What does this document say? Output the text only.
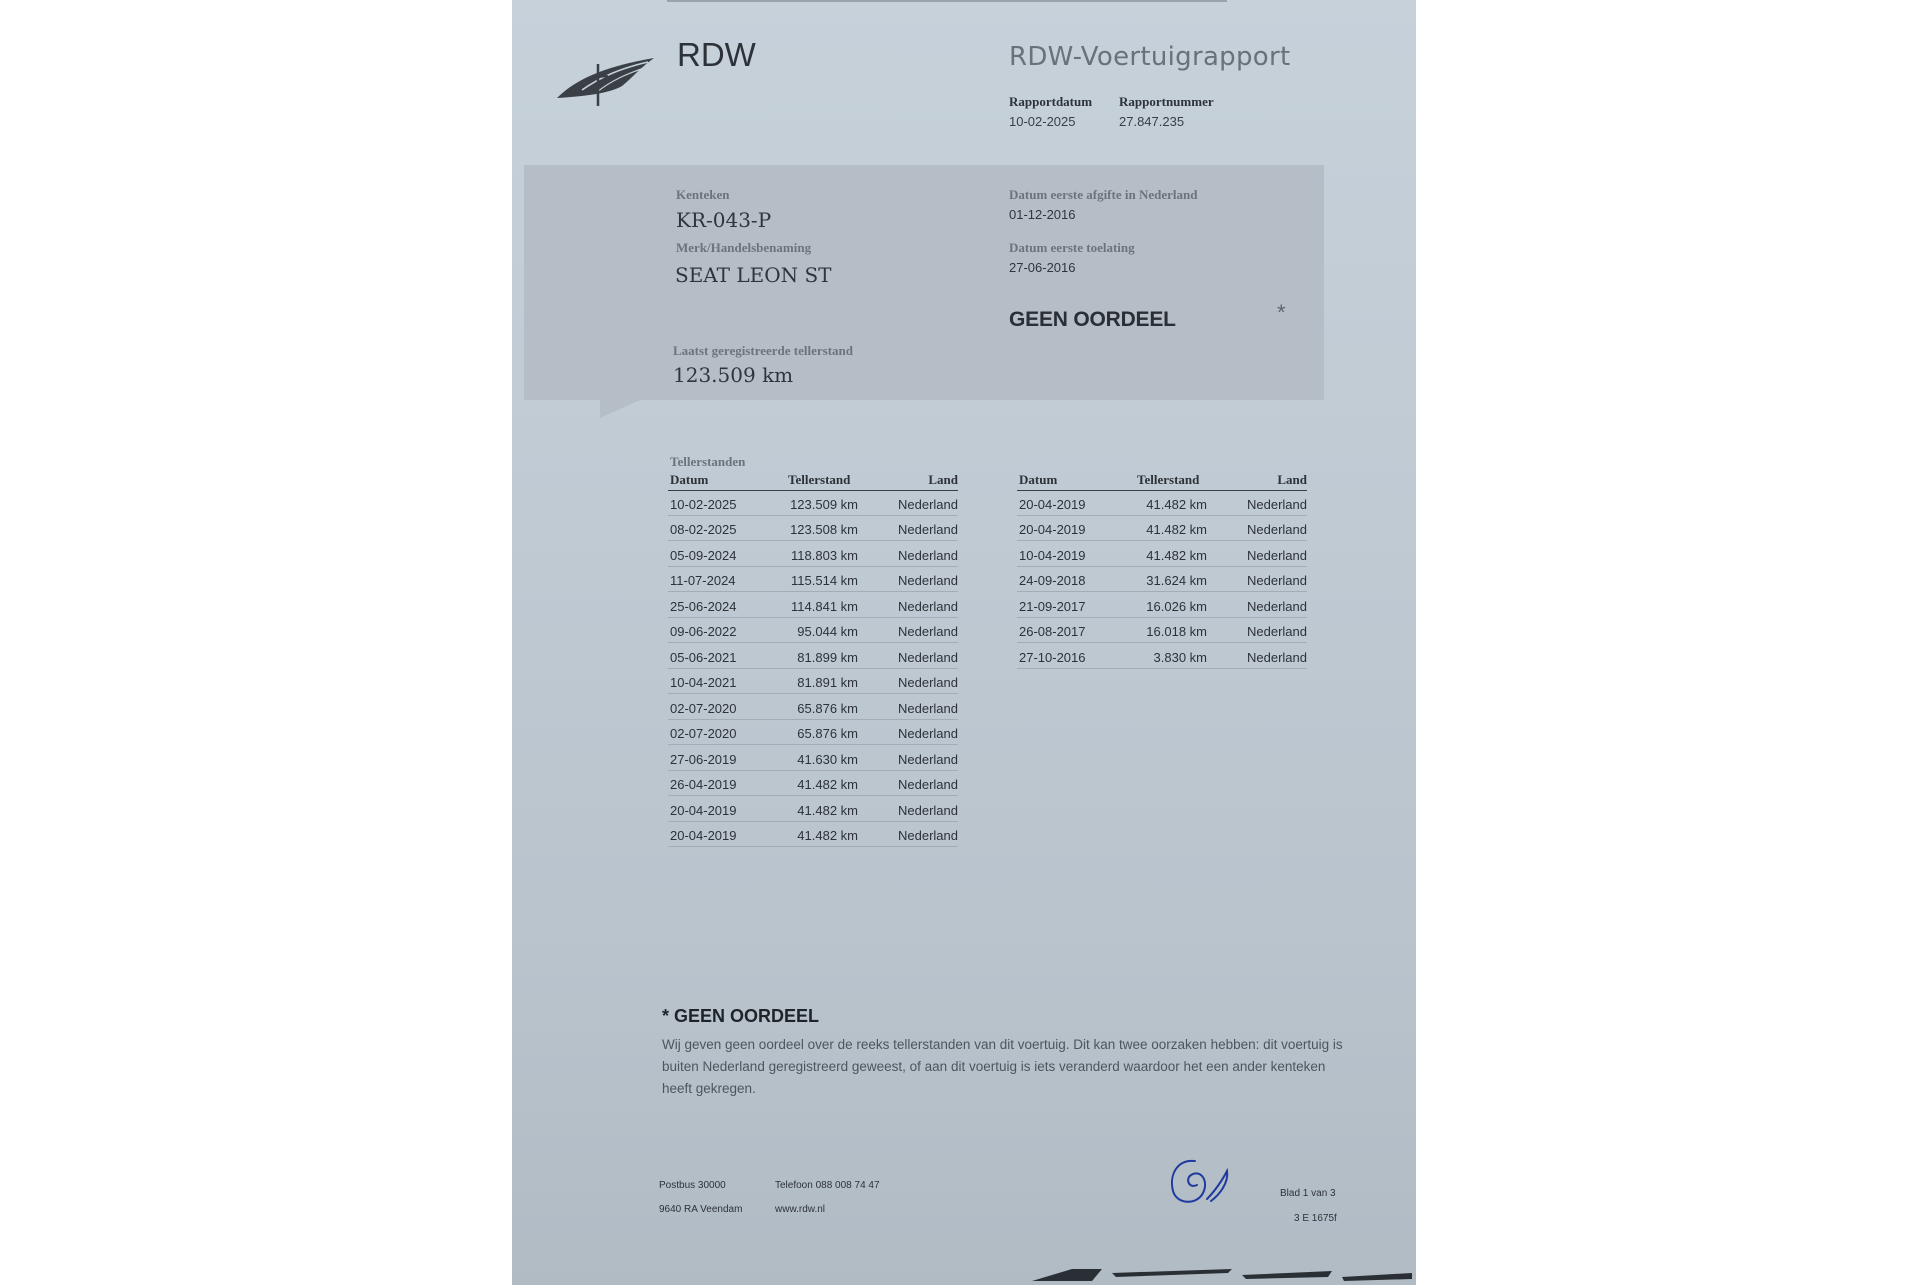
RDW	RDW-Voertuigrapport
Rapportdatum
10-02-2025
Rapportnummer
27.847.235
Kenteken
KR-043-P
Merk/Handelsbenaming
SEAT LEON ST
Datum eerste afgifte in Nederland
01-12-2016
Datum eerste toelating
27-06-2016
GEEN OORDEEL	*
Laatst geregistreerde tellerstand
123.509 km
Tellerstanden
Datum	Tellerstand	Land
10-02-2025	123.509 km	Nederland
08-02-2025	123.508 km	Nederland
05-09-2024	118.803 km	Nederland
11-07-2024	115.514 km	Nederland
25-06-2024	114.841 km	Nederland
09-06-2022	95.044 km	Nederland
05-06-2021	81.899 km	Nederland
10-04-2021	81.891 km	Nederland
02-07-2020	65.876 km	Nederland
02-07-2020	65.876 km	Nederland
27-06-2019	41.630 km	Nederland
26-04-2019	41.482 km	Nederland
20-04-2019	41.482 km	Nederland
20-04-2019	41.482 km	Nederland
Datum	Tellerstand	Land
20-04-2019	41.482 km	Nederland
20-04-2019	41.482 km	Nederland
10-04-2019	41.482 km	Nederland
24-09-2018	31.624 km	Nederland
21-09-2017	16.026 km	Nederland
26-08-2017	16.018 km	Nederland
27-10-2016	3.830 km	Nederland
* GEEN OORDEEL
Wij geven geen oordeel over de reeks tellerstanden van dit voertuig. Dit kan twee oorzaken hebben: dit voertuig is buiten Nederland geregistreerd geweest, of aan dit voertuig is iets veranderd waardoor het een ander kenteken heeft gekregen.
Postbus 30000
9640 RA Veendam
Telefoon 088 008 74 47
www.rdw.nl
Blad 1 van 3
3 E 1675f
